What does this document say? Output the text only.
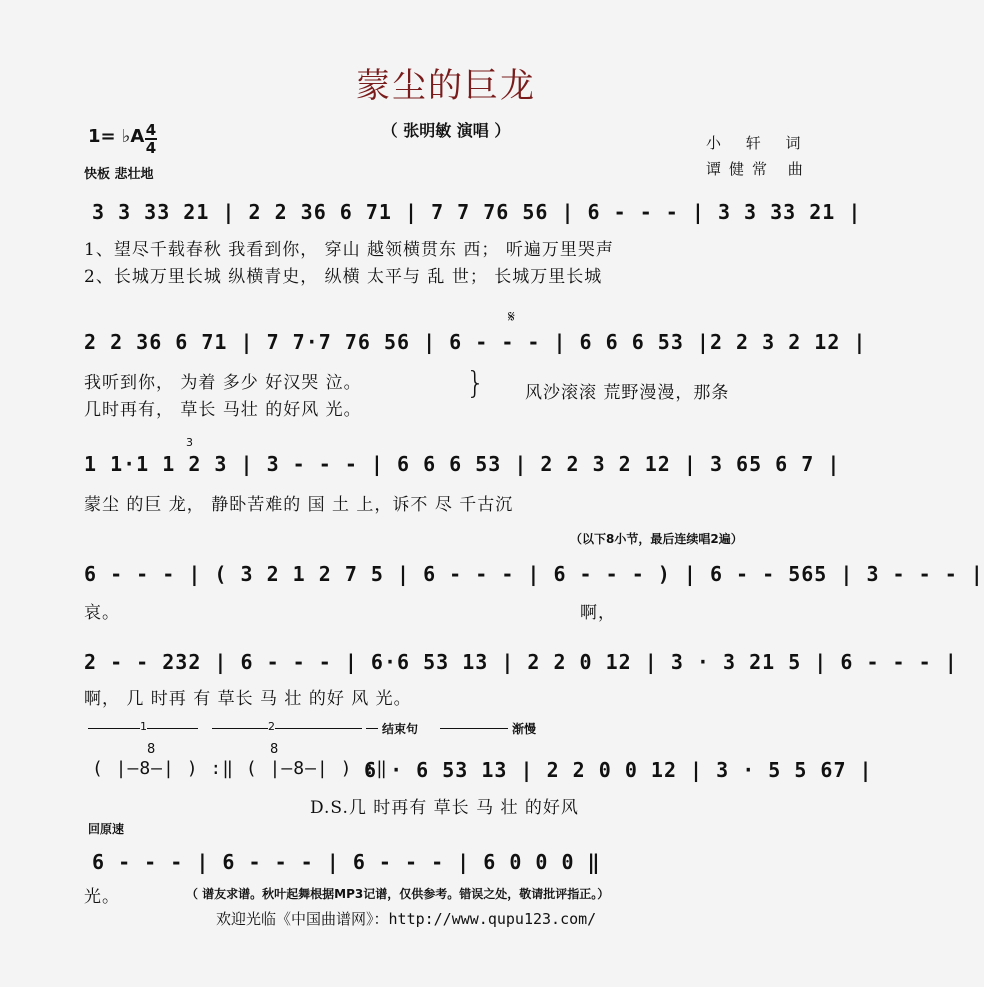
蒙尘的巨龙
（ 张明敏 演唱 ）
1= ♭A 4
4
快板 悲壮地
小 轩 词
谭健常 曲
3 3 33 21 | 2 2 36 6 71 | 7 7 76 56 | 6 - - - | 3 3 33 21 |
1、望尽千载春秋 我看到你， 穿山 越领横贯东 西； 听遍万里哭声
2、长城万里长城 纵横青史， 纵横 太平与 乱 世； 长城万里长城
𝄋
2 2 36 6 71 | 7 7·7 76 56 | 6 - - - | 6 6 6 53 |2 2 3 2 12 |
我听到你， 为着 多少 好汉哭 泣。
几时再有， 草长 马壮 的好风 光。
} 风沙滚滚 荒野漫漫，那条
3
1 1·1 1 2 3 | 3 - - - | 6 6 6 53 | 2 2 3 2 12 | 3 65 6 7 |
蒙尘 的巨 龙， 静卧苦难的 国 土 上，诉不 尽 千古沉
（以下8小节，最后连续唱2遍）
6 - - - | ( 3 2 1 2 7 5 | 6 - - - | 6 - - - ) | 6 - - 565 | 3 - - - |
哀。	啊，
2 - - 232 | 6 - - - | 6·6 53 13 | 2 2 0 12 | 3 · 3 21 5 | 6 - - - |
啊， 几 时再 有 草长 马 壮 的好 风 光。
1	2	结束句	渐慢
8	8
( |—8—| ) :‖ ( |—8—| ) :‖
6 · 6 53 13 | 2 2 0 0 12 | 3 · 5 5 67 |
D.S.几 时再有 草长 马 壮 的好风
回原速
6 - - - | 6 - - - | 6 - - - | 6 0 0 0 ‖
光。	（ 谱友求谱。秋叶起舞根据MP3记谱，仅供参考。错误之处，敬请批评指正。）
欢迎光临《中国曲谱网》：http://www.qupu123.com/
